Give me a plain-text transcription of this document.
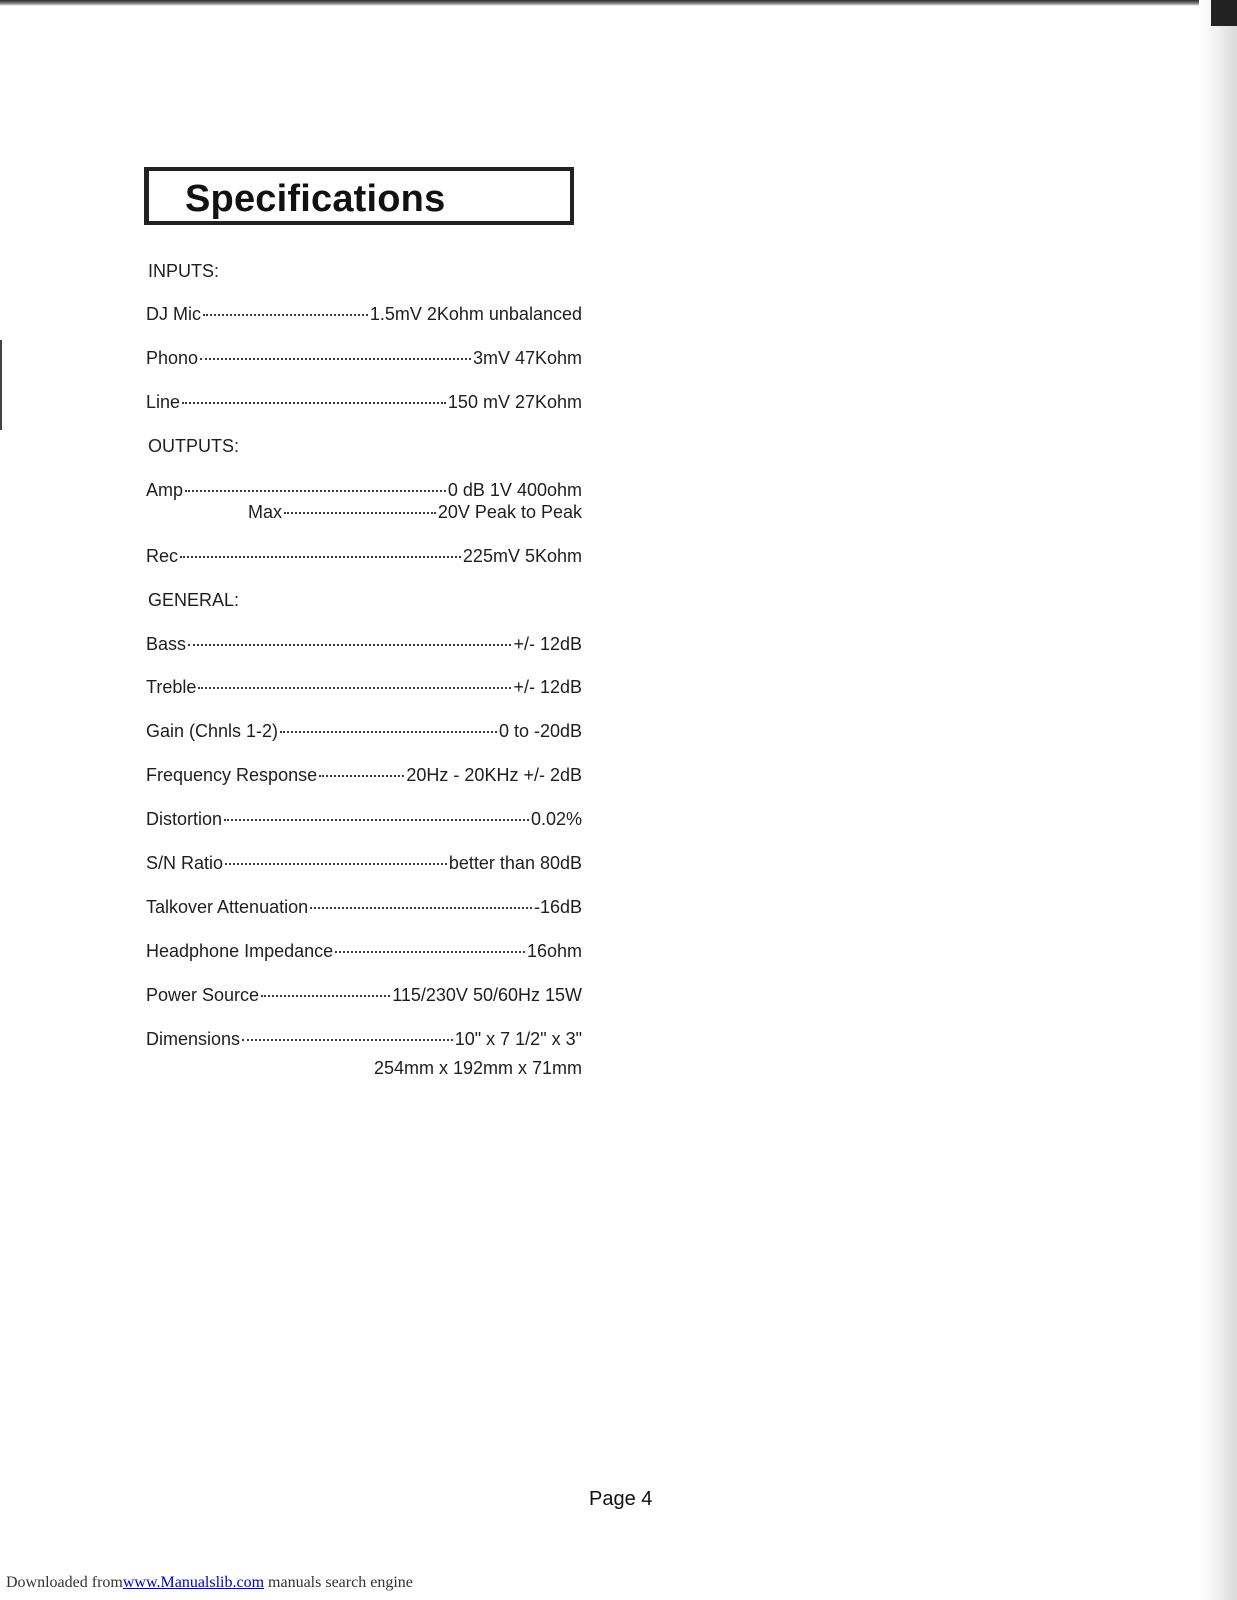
Specifications
INPUTS:
DJ Mic	1.5mV 2Kohm unbalanced
Phono	3mV 47Kohm
Line	150 mV 27Kohm
OUTPUTS:
Amp	0 dB 1V 400ohm
Max	20V Peak to Peak
Rec	225mV 5Kohm
GENERAL:
Bass	+/- 12dB
Treble	+/- 12dB
Gain (Chnls 1-2)	0 to -20dB
Frequency Response	20Hz - 20KHz +/- 2dB
Distortion	0.02%
S/N Ratio	better than 80dB
Talkover Attenuation	-16dB
Headphone Impedance	16ohm
Power Source	115/230V 50/60Hz 15W
Dimensions	10" x 7 1/2" x 3"
254mm x 192mm x 71mm
Page 4
Downloaded fromwww.Manualslib.com manuals search engine
